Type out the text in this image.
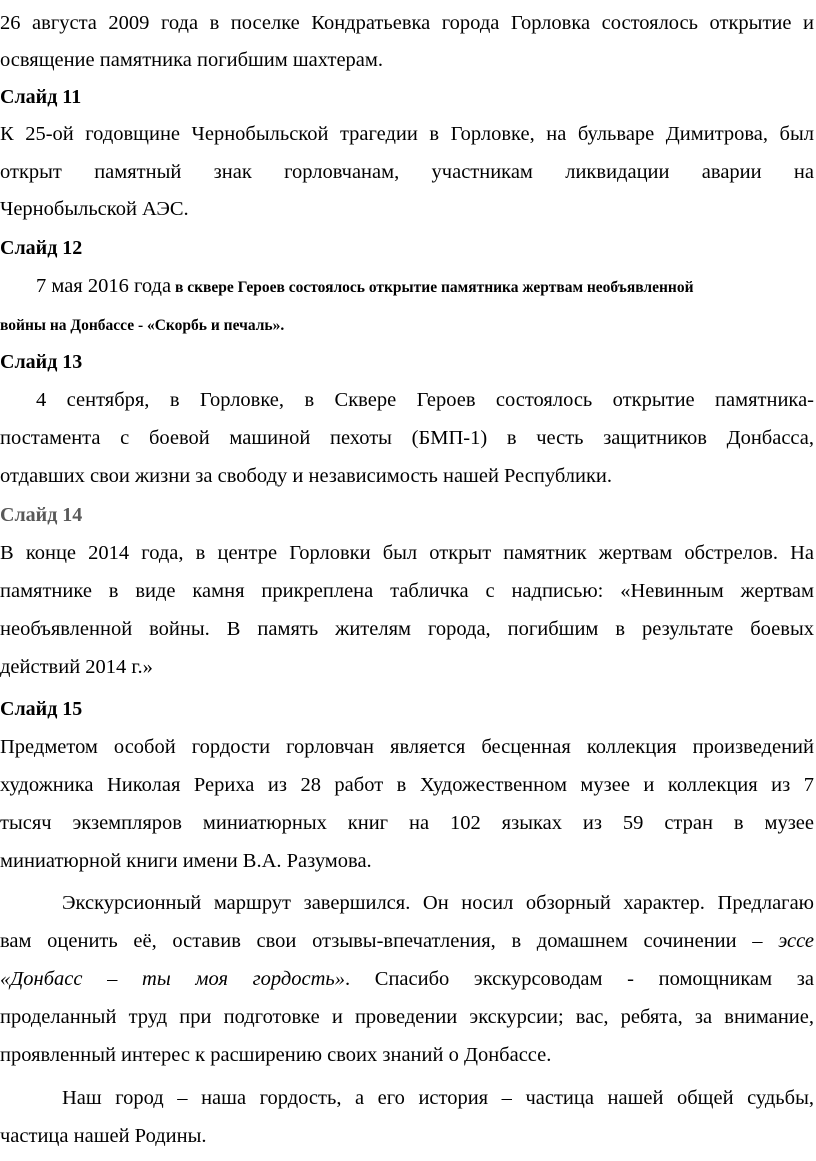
26 августа 2009 года в поселке Кондратьевка города Горловка состоялось открытие и
освящение памятника погибшим шахтерам.
Слайд 11
К 25-ой годовщине Чернобыльской трагедии в Горловке, на бульваре Димитрова, был
открыт памятный знак горловчанам, участникам ликвидации аварии на
Чернобыльской АЭС.
Слайд 12
7 мая 2016 года в сквере Героев состоялось открытие памятника жертвам необъявленной
войны на Донбассе - «Скорбь и печаль».
Слайд 13
4 сентября, в Горловке, в Сквере Героев состоялось открытие памятника-
постамента с боевой машиной пехоты (БМП-1) в честь защитников Донбасса,
отдавших свои жизни за свободу и независимость нашей Республики.
Слайд 14
В конце 2014 года, в центре Горловки был открыт памятник жертвам обстрелов. На
памятнике в виде камня прикреплена табличка с надписью: «Невинным жертвам
необъявленной войны. В память жителям города, погибшим в результате боевых
действий 2014 г.»
Слайд 15
Предметом особой гордости горловчан является бесценная коллекция произведений
художника Николая Рериха из 28 работ в Художественном музее и коллекция из 7
тысяч экземпляров миниатюрных книг на 102 языках из 59 стран в музее
миниатюрной книги имени В.А. Разумова.
Экскурсионный маршрут завершился. Он носил обзорный характер. Предлагаю
вам оценить её, оставив свои отзывы-впечатления, в домашнем сочинении – эссе
«Донбасс – ты моя гордость». Спасибо экскурсоводам - помощникам за
проделанный труд при подготовке и проведении экскурсии; вас, ребята, за внимание,
проявленный интерес к расширению своих знаний о Донбассе.
Наш город – наша гордость, а его история – частица нашей общей судьбы,
частица нашей Родины.
